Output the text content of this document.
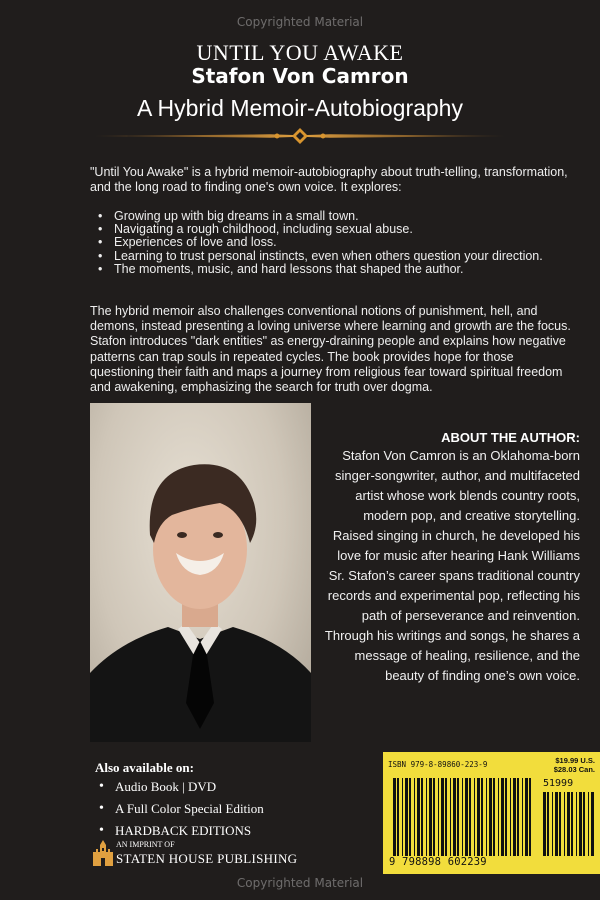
Copyrighted Material
UNTIL YOU AWAKE
Stafon Von Camron
A Hybrid Memoir-Autobiography

"Until You Awake" is a hybrid memoir-autobiography about truth-telling, transformation, and the long road to finding one's own voice. It explores:

• Growing up with big dreams in a small town.
• Navigating a rough childhood, including sexual abuse.
• Experiences of love and loss.
• Learning to trust personal instincts, even when others question your direction.
• The moments, music, and hard lessons that shaped the author.

The hybrid memoir also challenges conventional notions of punishment, hell, and demons, instead presenting a loving universe where learning and growth are the focus. Stafon introduces "dark entities" as energy-draining people and explains how negative patterns can trap souls in repeated cycles. The book provides hope for those questioning their faith and maps a journey from religious fear toward spiritual freedom and awakening, emphasizing the search for truth over dogma.

ABOUT THE AUTHOR:

Stafon Von Camron is an Oklahoma-born singer-songwriter, author, and multifaceted artist whose work blends country roots, modern pop, and creative storytelling. Raised singing in church, he developed his love for music after hearing Hank Williams Sr. Stafon’s career spans traditional country records and experimental pop, reflecting his path of perseverance and reinvention. Through his writings and songs, he shares a message of healing, resilience, and the beauty of finding one’s own voice.

Also available on:
• Audio Book | DVD
• A Full Color Special Edition
• HARDBACK EDITIONS
AN IMPRINT OF
STATEN HOUSE PUBLISHING
ISBN 979-8-89860-223-9	$19.99 U.S.
$28.03 Can.
51999
9 798898 602239
Copyrighted Material
